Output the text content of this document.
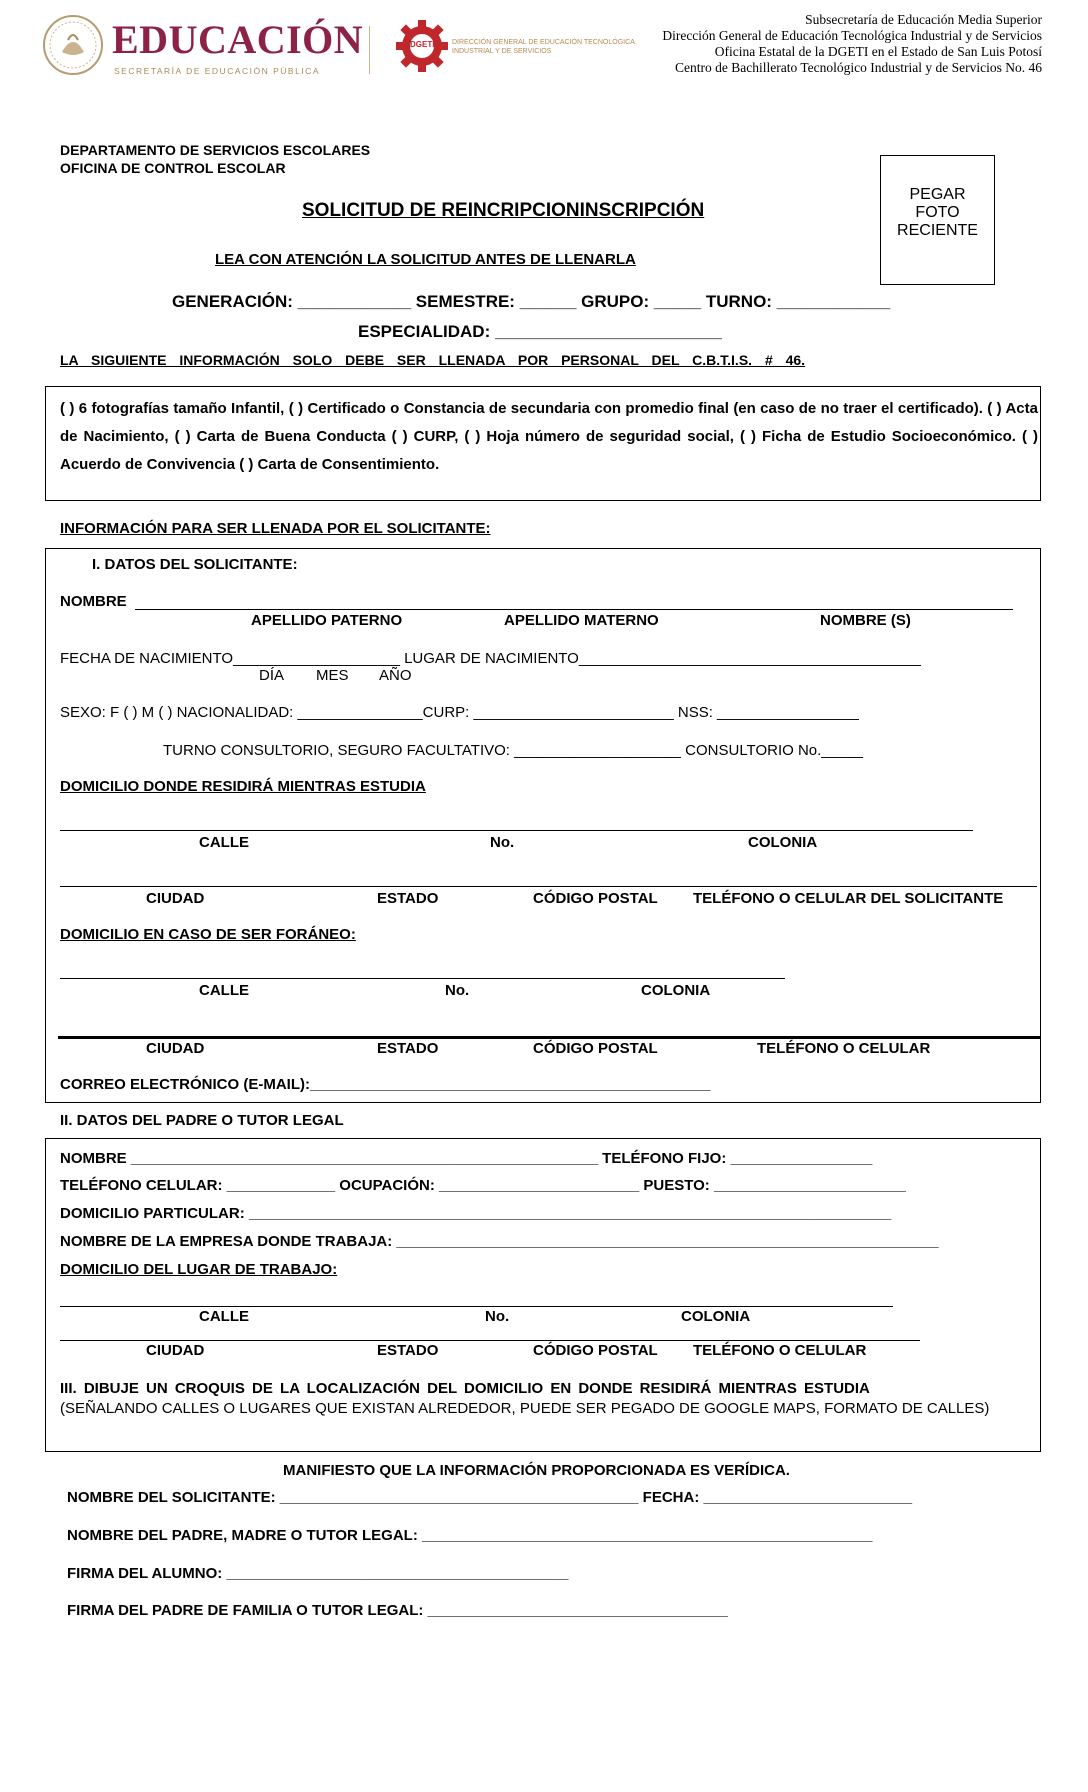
EDUCACIÓN
SECRETARÍA DE EDUCACIÓN PÚBLICA
DGETI	DIRECCIÓN GENERAL DE EDUCACIÓN TECNOLÓGICA INDUSTRIAL Y DE SERVICIOS
Subsecretaría de Educación Media Superior
Dirección General de Educación Tecnológica Industrial y de Servicios
Oficina Estatal de la DGETI en el Estado de San Luis Potosí
Centro de Bachillerato Tecnológico Industrial y de Servicios No. 46
DEPARTAMENTO DE SERVICIOS ESCOLARES
OFICINA DE CONTROL ESCOLAR
PEGAR
FOTO
RECIENTE
SOLICITUD DE REINCRIPCIONINSCRIPCIÓN
LEA CON ATENCIÓN LA SOLICITUD ANTES DE LLENARLA
GENERACIÓN: ____________ SEMESTRE: ______ GRUPO: _____ TURNO: ____________
ESPECIALIDAD: ________________________
LA SIGUIENTE INFORMACIÓN SOLO DEBE SER LLENADA POR PERSONAL DEL C.B.T.I.S. # 46.
( ) 6 fotografías tamaño Infantil, ( ) Certificado o Constancia de secundaria con promedio final (en caso de no traer el certificado). ( ) Acta de Nacimiento, ( ) Carta de Buena Conducta ( ) CURP, ( ) Hoja número de seguridad social, ( ) Ficha de Estudio Socioeconómico. ( ) Acuerdo de Convivencia ( ) Carta de Consentimiento.
INFORMACIÓN PARA SER LLENADA POR EL SOLICITANTE:
I. DATOS DEL SOLICITANTE:
NOMBRE
APELLIDO PATERNO	APELLIDO MATERNO	NOMBRE (S)
FECHA DE NACIMIENTO____________________ LUGAR DE NACIMIENTO_________________________________________
DÍA MES AÑO
SEXO: F ( ) M ( ) NACIONALIDAD: _______________CURP: ________________________ NSS: _________________
TURNO CONSULTORIO, SEGURO FACULTATIVO: ____________________ CONSULTORIO No._____
DOMICILIO DONDE RESIDIRÁ MIENTRAS ESTUDIA
CALLE	No.	COLONIA
CIUDAD	ESTADO	CÓDIGO POSTAL TELÉFONO O CELULAR DEL SOLICITANTE
DOMICILIO EN CASO DE SER FORÁNEO:
CALLE	No.	COLONIA
CIUDAD	ESTADO	CÓDIGO POSTAL	TELÉFONO O CELULAR
CORREO ELECTRÓNICO (E-MAIL):________________________________________________
II. DATOS DEL PADRE O TUTOR LEGAL
NOMBRE ________________________________________________________ TELÉFONO FIJO: _________________
TELÉFONO CELULAR: _____________ OCUPACIÓN: ________________________ PUESTO: _______________________
DOMICILIO PARTICULAR: _____________________________________________________________________________
NOMBRE DE LA EMPRESA DONDE TRABAJA: _________________________________________________________________
DOMICILIO DEL LUGAR DE TRABAJO:
CALLE	No.	COLONIA
CIUDAD	ESTADO	CÓDIGO POSTAL TELÉFONO O CELULAR
III. DIBUJE UN CROQUIS DE LA LOCALIZACIÓN DEL DOMICILIO EN DONDE RESIDIRÁ MIENTRAS ESTUDIA
(SEÑALANDO CALLES O LUGARES QUE EXISTAN ALREDEDOR, PUEDE SER PEGADO DE GOOGLE MAPS, FORMATO DE CALLES)
MANIFIESTO QUE LA INFORMACIÓN PROPORCIONADA ES VERÍDICA.
NOMBRE DEL SOLICITANTE: ___________________________________________ FECHA: _________________________
NOMBRE DEL PADRE, MADRE O TUTOR LEGAL: ______________________________________________________
FIRMA DEL ALUMNO: _________________________________________
FIRMA DEL PADRE DE FAMILIA O TUTOR LEGAL: ____________________________________
